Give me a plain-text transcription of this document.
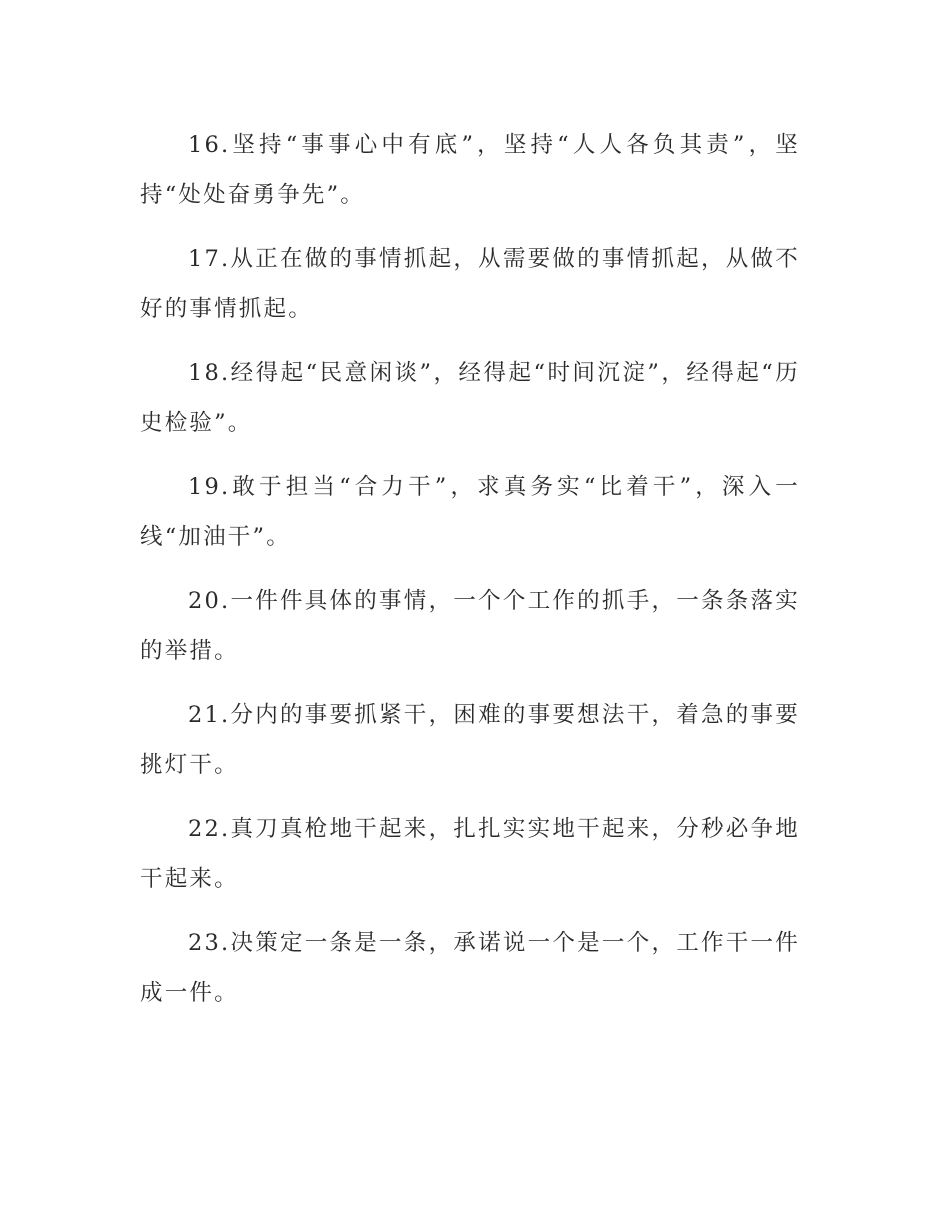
16.坚持“事事心中有底”，坚持“人人各负其责”，坚持“处处奋勇争先”。

17.从正在做的事情抓起，从需要做的事情抓起，从做不好的事情抓起。

18.经得起“民意闲谈”，经得起“时间沉淀”，经得起“历史检验”。

19.敢于担当“合力干”，求真务实“比着干”，深入一线“加油干”。

20.一件件具体的事情，一个个工作的抓手，一条条落实的举措。

21.分内的事要抓紧干，困难的事要想法干，着急的事要挑灯干。

22.真刀真枪地干起来，扎扎实实地干起来，分秒必争地干起来。

23.决策定一条是一条，承诺说一个是一个，工作干一件成一件。
